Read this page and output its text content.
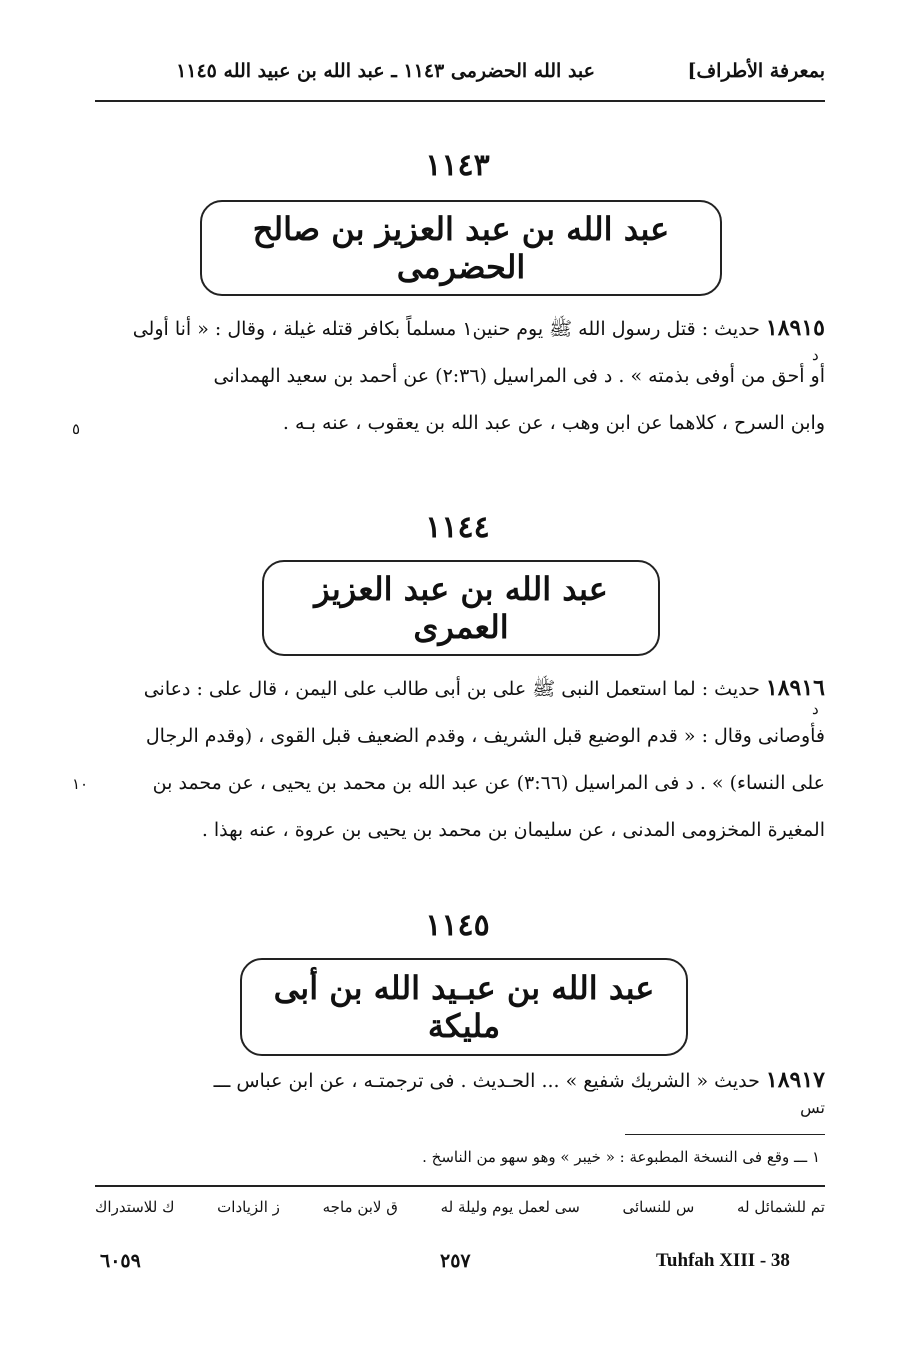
بمعرفة الأطراف]
عبد الله الحضرمى ١١٤٣ ـ عبد الله بن عبيد الله ١١٤٥
١١٤٣
عبد الله بن عبد العزيز بن صالح الحضرمى
١٨٩١٥ حديث : قتل رسول الله ﷺ يوم حنين١ مسلماً بكافر قتله غيلة ، وقال : « أنا أولى
أو أحق من أوفى بذمته » . د فى المراسيل (٢:٣٦) عن أحمد بن سعيد الهمدانى
وابن السرح ، كلاهما عن ابن وهب ، عن عبد الله بن يعقوب ، عنه بـه .
د
٥
١١٤٤
عبد الله بن عبد العزيز العمرى
١٨٩١٦ حديث : لما استعمل النبى ﷺ على بن أبى طالب على اليمن ، قال على : دعانى
فأوصانى وقال : « قدم الوضيع قبل الشريف ، وقدم الضعيف قبل القوى ، (وقدم الرجال
على النساء) » . د فى المراسيل (٣:٦٦) عن عبد الله بن محمد بن يحيى ، عن محمد بن
المغيرة المخزومى المدنى ، عن سليمان بن محمد بن يحيى بن عروة ، عنه بهذا .
د
١٠
١١٤٥
عبد الله بن عبـيد الله بن أبى مليكة
١٨٩١٧ حديث « الشريك شفيع » ... الحـديث . فى ترجمتـه ، عن ابن عباس ـــ
تس
١ ـــ وقع فى النسخة المطبوعة : « خيبر » وهو سهو من الناسخ .
تم للشمائل له
س للنسائى
سى لعمل يوم وليلة له
ق لابن ماجه
ز الزيادات
ك للاستدراك
٦٠٥٩	٢٥٧	Tuhfah XIII - 38
